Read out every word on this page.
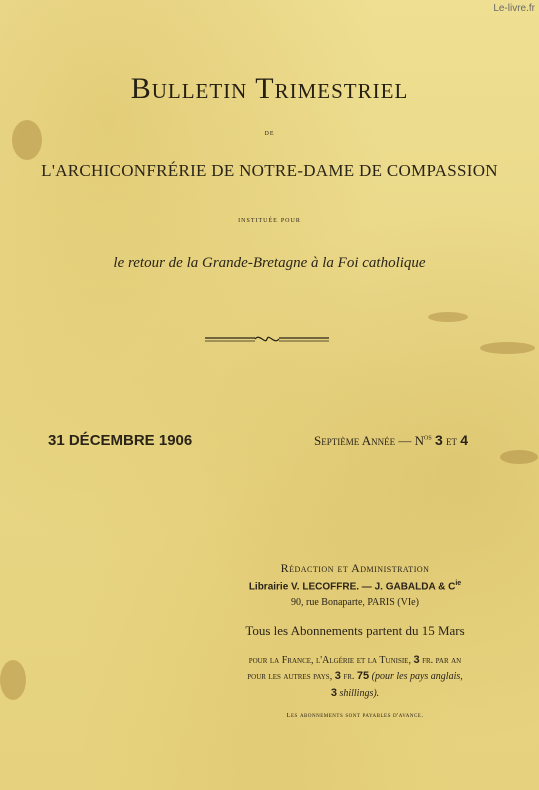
Le-livre.fr
Bulletin Trimestriel
de
L'ARCHICONFRÉRIE DE NOTRE-DAME DE COMPASSION
instituée pour
le retour de la Grande-Bretagne à la Foi catholique
31 DÉCEMBRE 1906	Septième Année — $N^{os}$ 3 et 4
Rédaction et Administration
Librairie V. LECOFFRE. — J. GABALDA & $C^{ie}$
90, rue Bonaparte, PARIS (VIe)
Tous les Abonnements partent du 15 Mars
pour la France, l'Algérie et la Tunisie, 3 fr. par an
pour les autres pays, 3 fr. 75 (pour les pays anglais,
3 shillings).
Les abonnements sont payables d'avance.
